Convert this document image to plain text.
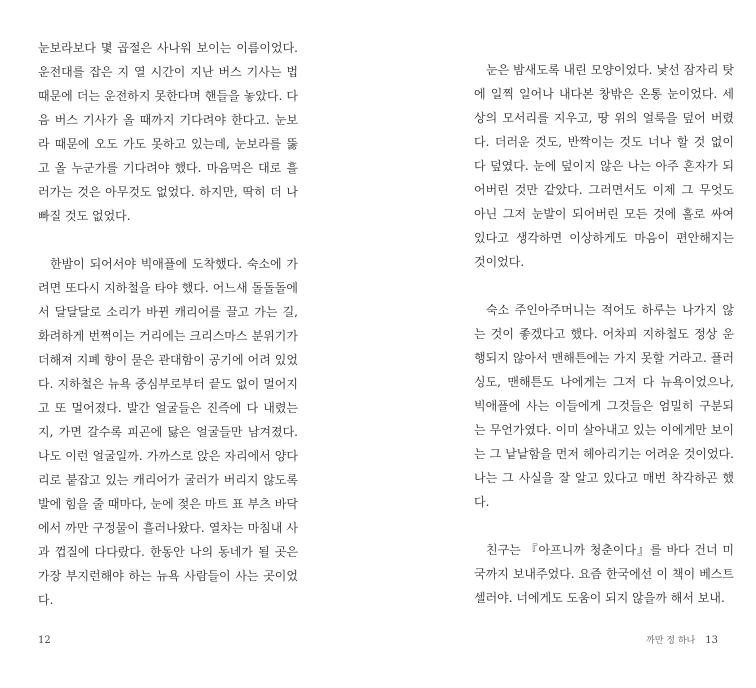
눈보라보다 몇 곱절은 사나워 보이는 이름이었다. 운전대를 잡은 지 열 시간이 지난 버스 기사는 법 때문에 더는 운전하지 못한다며 핸들을 놓았다. 다음 버스 기사가 올 때까지 기다려야 한다고. 눈보라 때문에 오도 가도 못하고 있는데, 눈보라를 뚫고 올 누군가를 기다려야 했다. 마음먹은 대로 흘러가는 것은 아무것도 없었다. 하지만, 딱히 더 나빠질 것도 없었다.

한밤이 되어서야 빅애플에 도착했다. 숙소에 가려면 또다시 지하철을 타야 했다. 어느새 돌돌돌에서 달달달로 소리가 바뀐 캐리어를 끌고 가는 길, 화려하게 번쩍이는 거리에는 크리스마스 분위기가 더해져 지폐 향이 묻은 관대함이 공기에 어려 있었다. 지하철은 뉴욕 중심부로부터 끝도 없이 멀어지고 또 멀어졌다. 발간 얼굴들은 진즉에 다 내렸는지, 가면 갈수록 피곤에 닳은 얼굴들만 남겨졌다. 나도 이런 얼굴일까. 가까스로 앉은 자리에서 양다리로 붙잡고 있는 캐리어가 굴러가 버리지 않도록 발에 힘을 줄 때마다, 눈에 젖은 마트 표 부츠 바닥에서 까만 구정물이 흘러나왔다. 열차는 마침내 사과 껍질에 다다랐다. 한동안 나의 동네가 될 곳은 가장 부지런해야 하는 뉴욕 사람들이 사는 곳이었다.

12

눈은 밤새도록 내린 모양이었다. 낯선 잠자리 탓에 일찍 일어나 내다본 창밖은 온통 눈이었다. 세상의 모서리를 지우고, 땅 위의 얼룩을 덮어 버렸다. 더러운 것도, 반짝이는 것도 너나 할 것 없이 다 덮였다. 눈에 덮이지 않은 나는 아주 혼자가 되어버린 것만 같았다. 그러면서도 이제 그 무엇도 아닌 그저 눈발이 되어버린 모든 것에 홀로 싸여 있다고 생각하면 이상하게도 마음이 편안해지는 것이었다.

숙소 주인아주머니는 적어도 하루는 나가지 않는 것이 좋겠다고 했다. 어차피 지하철도 정상 운행되지 않아서 맨해튼에는 가지 못할 거라고. 플러싱도, 맨해튼도 나에게는 그저 다 뉴욕이었으나, 빅애플에 사는 이들에게 그것들은 엄밀히 구분되는 무언가였다. 이미 살아내고 있는 이에게만 보이는 그 낱낱함을 먼저 헤아리기는 어려운 것이었다. 나는 그 사실을 잘 알고 있다고 매번 착각하곤 했다.

친구는 『아프니까 청춘이다』를 바다 건너 미국까지 보내주었다. 요즘 한국에선 이 책이 베스트셀러야. 너에게도 도움이 되지 않을까 해서 보내.

까만 정 하나 13
